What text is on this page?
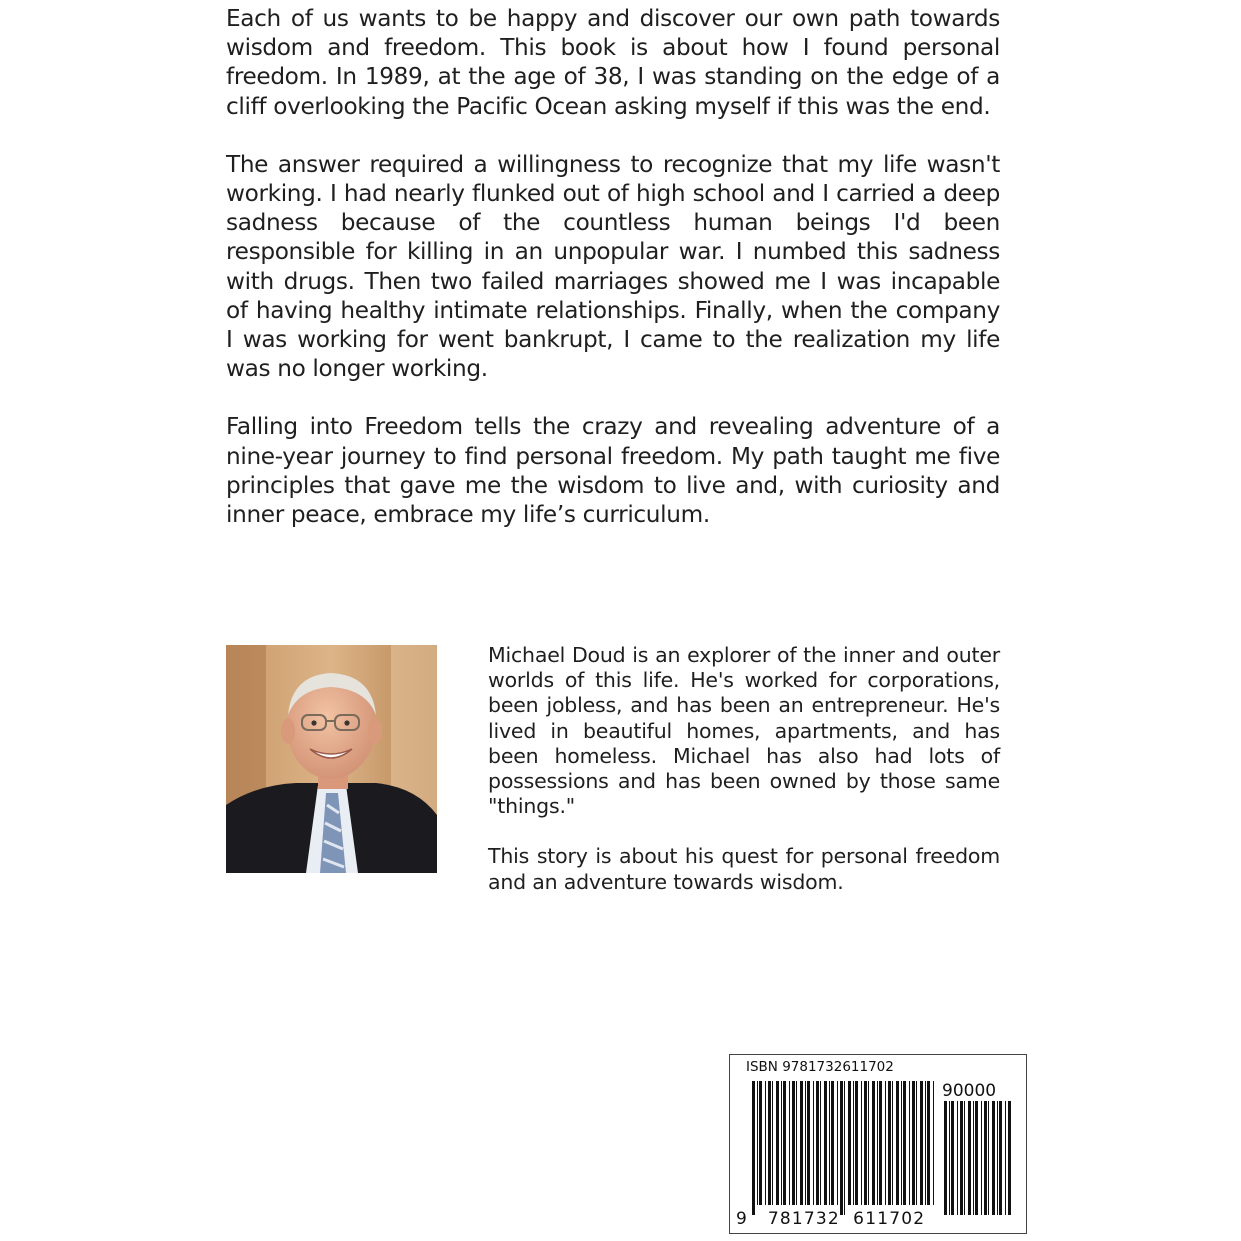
Each of us wants to be happy and discover our own path towards wisdom and freedom. This book is about how I found personal freedom. In 1989, at the age of 38, I was standing on the edge of a cliff overlooking the Pacific Ocean asking myself if this was the end.

The answer required a willingness to recognize that my life wasn't working. I had nearly flunked out of high school and I carried a deep sadness because of the countless human beings I'd been responsible for killing in an unpopular war. I numbed this sadness with drugs. Then two failed marriages showed me I was incapable of having healthy intimate relationships. Finally, when the company I was working for went bankrupt, I came to the realization my life was no longer working.

Falling into Freedom tells the crazy and revealing adventure of a nine-year journey to find personal freedom. My path taught me five principles that gave me the wisdom to live and, with curiosity and inner peace, embrace my life’s curriculum.

Michael Doud is an explorer of the inner and outer worlds of this life. He's worked for corporations, been jobless, and has been an entrepreneur. He's lived in beautiful homes, apartments, and has been homeless. Michael has also had lots of possessions and has been owned by those same "things."

This story is about his quest for personal freedom and an adventure towards wisdom.

ISBN 9781732611702
90000
9 781732 611702
